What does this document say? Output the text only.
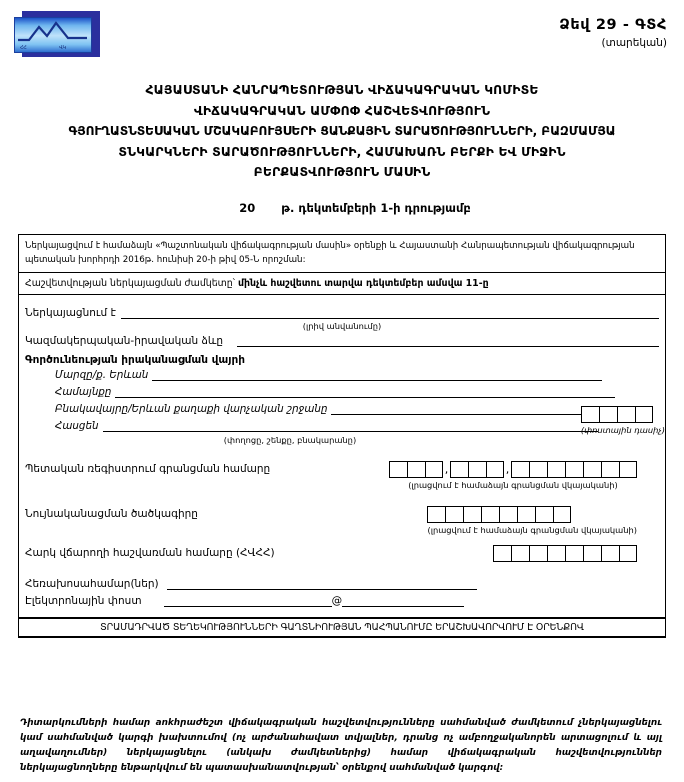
ՀՀ	ՎԿ
Ձեվ 29 - ԳՏՀ
(տարեկան)
ՀԱՅԱՍՏԱՆԻ ՀԱՆՐԱՊԵՏՈՒԹՅԱՆ ՎԻՃԱԿԱԳՐԱԿԱՆ ԿՈՄԻՏԵ
ՎԻՃԱԿԱԳՐԱԿԱՆ ԱՄՓՈՓ ՀԱՇՎԵՏՎՈՒԹՅՈՒՆ
ԳՅՈՒՂԱՏՆՏԵՍԱԿԱՆ ՄՇԱԿԱԲՈՒՅՍԵՐԻ ՑԱՆՔԱՅԻՆ ՏԱՐԱԾՈՒԹՅՈՒՆՆԵՐԻ, ԲԱԶՄԱՄՅԱ
ՏՆԿԱՐԿՆԵՐԻ ՏԱՐԱԾՈՒԹՅՈՒՆՆԵՐԻ, ՀԱՄԱԽԱՌՆ ԲԵՐՔԻ ԵՎ ՄԻՋԻՆ
ԲԵՐՔԱՏՎՈՒԹՅՈՒՆ ՄԱՍԻՆ
20 թ. դեկտեմբերի 1-ի դրությամբ
Ներկայացվում է համաձայն «Պաշտոնական վիճակագրության մասին» օրենքի և Հայաստանի Հանրապետության վիճակագրության պետական խորհրդի 2016թ. հունիսի 20-ի թիվ 05-Ն որոշման:
Հաշվետվության ներկայացման ժամկետը՝ մինչև հաշվետու տարվա դեկտեմբեր ամսվա 11-ը
Ներկայացնում է
(լրիվ անվանումը)
Կազմակերպական-իրավական ձևը
Գործունեության իրականացման վայրի
Մարզը/ք. Երևան
Համայնքը
Բնակավայրը/Երևան քաղաքի վարչական շրջանը
Հասցեն	(փոստային դասիչ)
(փողոցը, շենքը, բնակարանը)
Պետական ռեգիստրում գրանցման համարը	,	,
(լրացվում է համաձայն գրանցման վկայականի)
Նույնականացման ծածկագիրը
(լրացվում է համաձայն գրանցման վկայականի)
Հարկ վճարողի հաշվառման համարը (ՀՎՀՀ)
Հեռախոսահամար(ներ)
Էլեկտրոնային փոստ	@
ՏՐԱՄԱԴՐՎԱԾ ՏԵՂԵԿՈՒԹՅՈՒՆՆԵՐԻ ԳԱՂՏՆԻՈՒԹՅԱՆ ՊԱՀՊԱՆՈՒՄԸ ԵՐԱՇԽԱՎՈՐՎՈՒՄ Է ՕՐԵՆՔՈՎ
Դիտարկումների համար ankhրաժեշտ վիճակագրական հաշվետվությունները սահմանված ժամկետում չներկայացնելու կամ սահմանված կարգի խախտումով (ոչ արժանահավատ տվյալներ, դրանց ոչ ամբողջականորեն արտացոլում և այլ աղավաղումներ) ներկայացնելու (անկախ ժամկետներից) համար վիճակագրական հաշվետվություններ ներկայացնողները ենթարկվում են պատասխանատվության՝ օրենքով սահմանված կարգով:
